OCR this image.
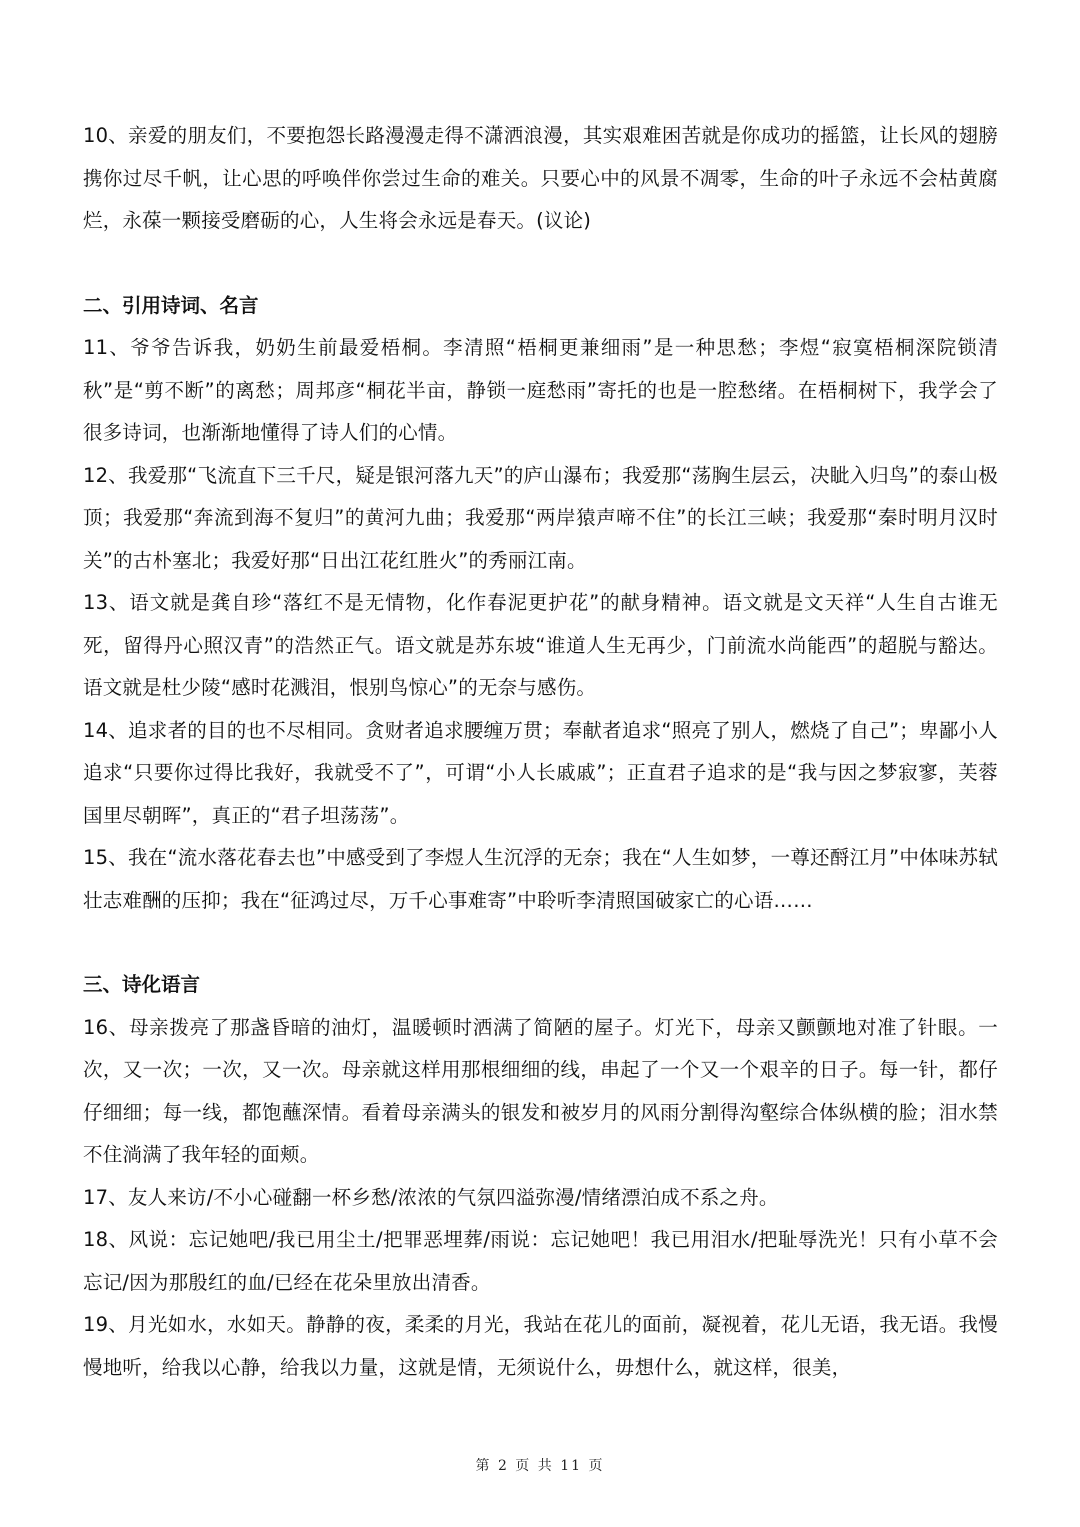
10、亲爱的朋友们，不要抱怨长路漫漫走得不潇洒浪漫，其实艰难困苦就是你成功的摇篮，让长风的翅膀携你过尽千帆，让心思的呼唤伴你尝过生命的难关。只要心中的风景不凋零，生命的叶子永远不会枯黄腐烂，永葆一颗接受磨砺的心，人生将会永远是春天。(议论)

二、引用诗词、名言

11、爷爷告诉我，奶奶生前最爱梧桐。李清照“梧桐更兼细雨”是一种思愁；李煜“寂寞梧桐深院锁清秋”是“剪不断”的离愁；周邦彦“桐花半亩，静锁一庭愁雨”寄托的也是一腔愁绪。在梧桐树下，我学会了很多诗词，也渐渐地懂得了诗人们的心情。

12、我爱那“飞流直下三千尺，疑是银河落九天”的庐山瀑布；我爱那“荡胸生层云，决眦入归鸟”的泰山极顶；我爱那“奔流到海不复归”的黄河九曲；我爱那“两岸猿声啼不住”的长江三峡；我爱那“秦时明月汉时关”的古朴塞北；我爱好那“日出江花红胜火”的秀丽江南。

13、语文就是龚自珍“落红不是无情物，化作春泥更护花”的献身精神。语文就是文天祥“人生自古谁无死，留得丹心照汉青”的浩然正气。语文就是苏东坡“谁道人生无再少，门前流水尚能西”的超脱与豁达。语文就是杜少陵“感时花溅泪，恨别鸟惊心”的无奈与感伤。

14、追求者的目的也不尽相同。贪财者追求腰缠万贯；奉献者追求“照亮了别人，燃烧了自己”；卑鄙小人追求“只要你过得比我好，我就受不了”，可谓“小人长戚戚”；正直君子追求的是“我与因之梦寂寥，芙蓉国里尽朝晖”，真正的“君子坦荡荡”。

15、我在“流水落花春去也”中感受到了李煜人生沉浮的无奈；我在“人生如梦，一尊还酹江月”中体味苏轼壮志难酬的压抑；我在“征鸿过尽，万千心事难寄”中聆听李清照国破家亡的心语……

三、诗化语言

16、母亲拨亮了那盏昏暗的油灯，温暖顿时洒满了简陋的屋子。灯光下，母亲又颤颤地对准了针眼。一次，又一次；一次，又一次。母亲就这样用那根细细的线，串起了一个又一个艰辛的日子。每一针，都仔仔细细；每一线，都饱蘸深情。看着母亲满头的银发和被岁月的风雨分割得沟壑综合体纵横的脸；泪水禁不住淌满了我年轻的面颊。

17、友人来访/不小心碰翻一杯乡愁/浓浓的气氛四溢弥漫/情绪漂泊成不系之舟。

18、风说：忘记她吧/我已用尘土/把罪恶埋葬/雨说：忘记她吧！我已用泪水/把耻辱洗光！只有小草不会忘记/因为那殷红的血/已经在花朵里放出清香。

19、月光如水，水如天。静静的夜，柔柔的月光，我站在花儿的面前，凝视着，花儿无语，我无语。我慢慢地听，给我以心静，给我以力量，这就是情，无须说什么，毋想什么，就这样，很美，

第 2 页 共 11 页
